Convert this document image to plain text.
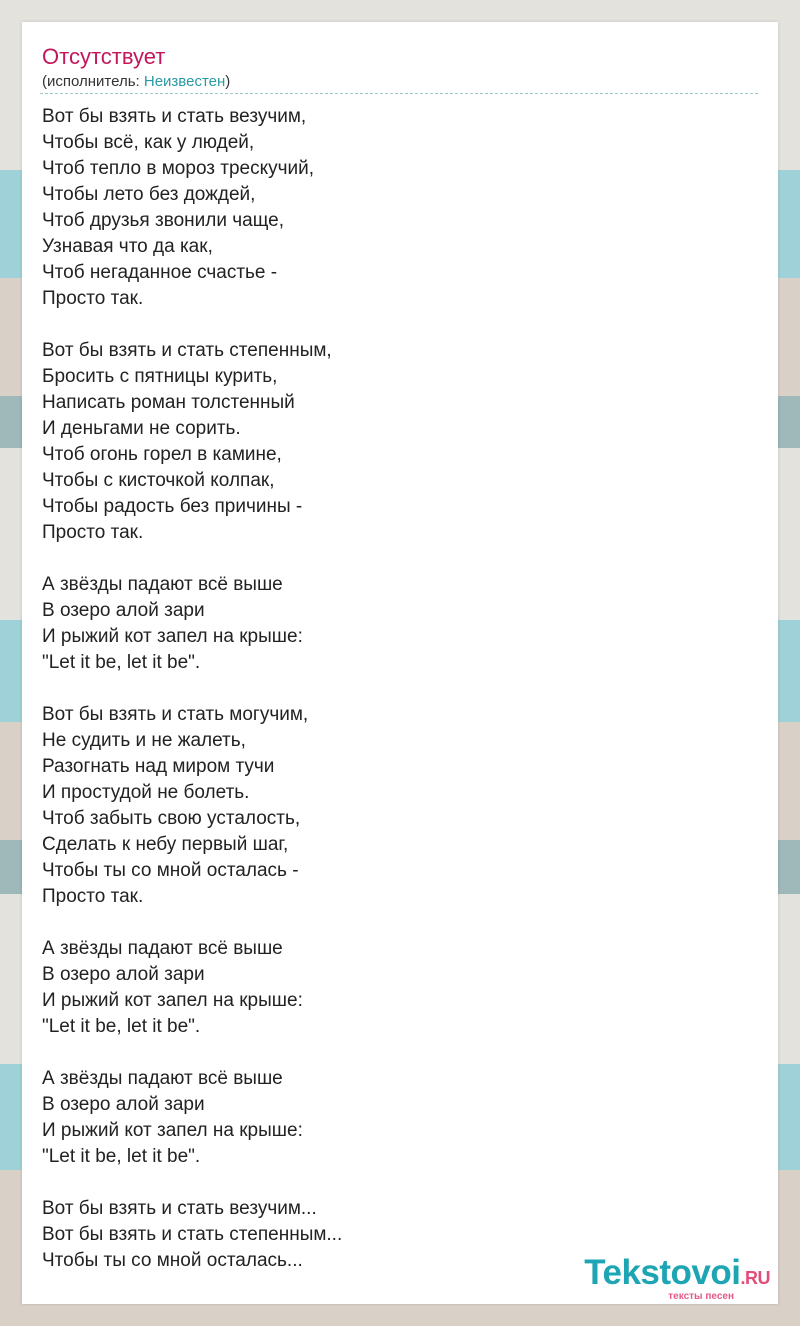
Отсутствует
(исполнитель: Неизвестен)
Вот бы взять и стать везучим,
Чтобы всё, как у людей,
Чтоб тепло в мороз трескучий,
Чтобы лето без дождей,
Чтоб друзья звонили чаще,
Узнавая что да как,
Чтоб негаданное счастье -
Просто так.
Вот бы взять и стать степенным,
Бросить с пятницы курить,
Написать роман толстенный
И деньгами не сорить.
Чтоб огонь горел в камине,
Чтобы с кисточкой колпак,
Чтобы радость без причины -
Просто так.
А звёзды падают всё выше
В озеро алой зари
И рыжий кот запел на крыше:
"Let it be, let it be".
Вот бы взять и стать могучим,
Не судить и не жалеть,
Разогнать над миром тучи
И простудой не болеть.
Чтоб забыть свою усталость,
Сделать к небу первый шаг,
Чтобы ты со мной осталась -
Просто так.
А звёзды падают всё выше
В озеро алой зари
И рыжий кот запел на крыше:
"Let it be, let it be".
А звёзды падают всё выше
В озеро алой зари
И рыжий кот запел на крыше:
"Let it be, let it be".
Вот бы взять и стать везучим...
Вот бы взять и стать степенным...
Чтобы ты со мной осталась...	Tekstovoi.RU
тексты песен
